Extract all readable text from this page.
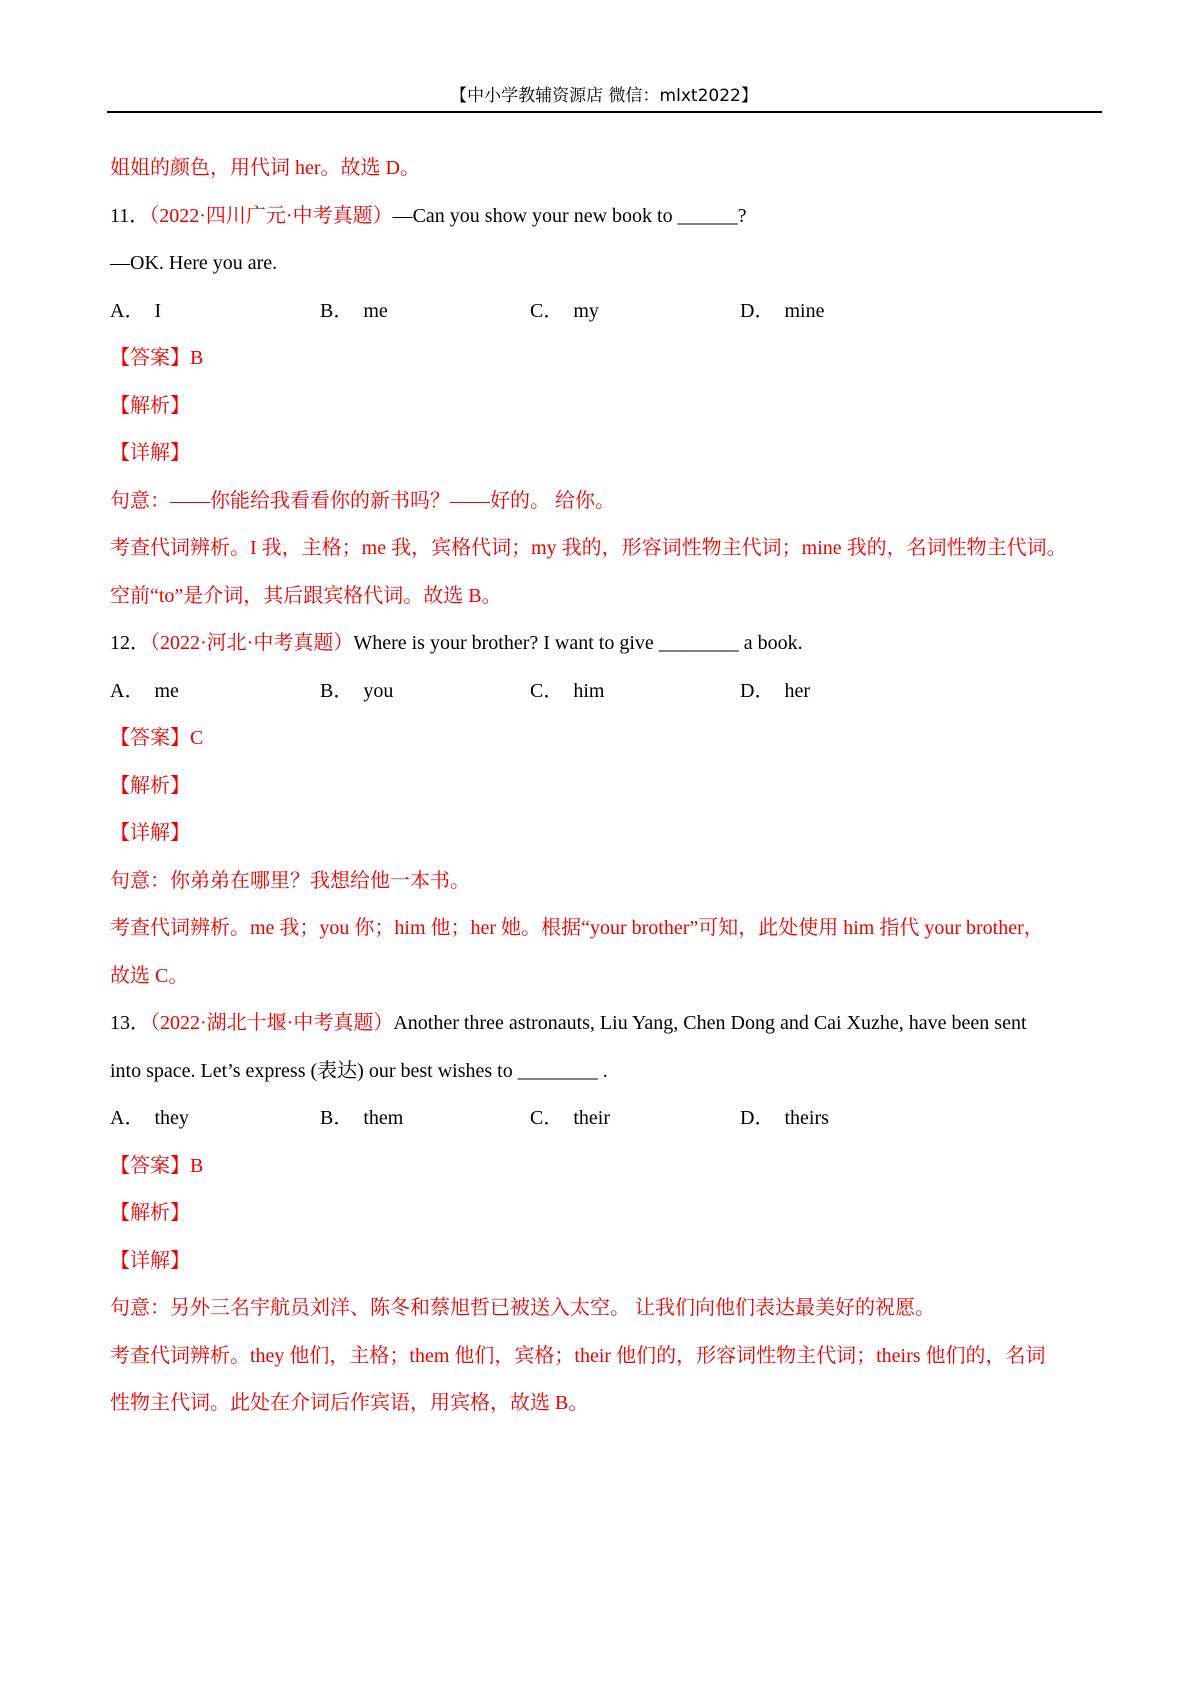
【中小学教辅资源店 微信：mlxt2022】
姐姐的颜色，用代词 her。故选 D。
11．（2022·四川广元·中考真题）—Can you show your new book to ______?
—OK. Here you are.
A． I	B． me	C． my	D． mine
【答案】B
【解析】
【详解】
句意：——你能给我看看你的新书吗？——好的。 给你。
考查代词辨析。I 我，主格；me 我，宾格代词；my 我的，形容词性物主代词；mine 我的，名词性物主代词。
空前“to”是介词，其后跟宾格代词。故选 B。
12．（2022·河北·中考真题）Where is your brother? I want to give ________ a book.
A． me	B． you	C． him	D． her
【答案】C
【解析】
【详解】
句意：你弟弟在哪里？我想给他一本书。
考查代词辨析。me 我；you 你；him 他；her 她。根据“your brother”可知，此处使用 him 指代 your brother，
故选 C。
13．（2022·湖北十堰·中考真题）Another three astronauts, Liu Yang, Chen Dong and Cai Xuzhe, have been sent
into space. Let’s express (表达) our best wishes to ________ .
A． they	B． them	C． their	D． theirs
【答案】B
【解析】
【详解】
句意：另外三名宇航员刘洋、陈冬和蔡旭哲已被送入太空。 让我们向他们表达最美好的祝愿。
考查代词辨析。they 他们，主格；them 他们，宾格；their 他们的，形容词性物主代词；theirs 他们的，名词
性物主代词。此处在介词后作宾语，用宾格，故选 B。
